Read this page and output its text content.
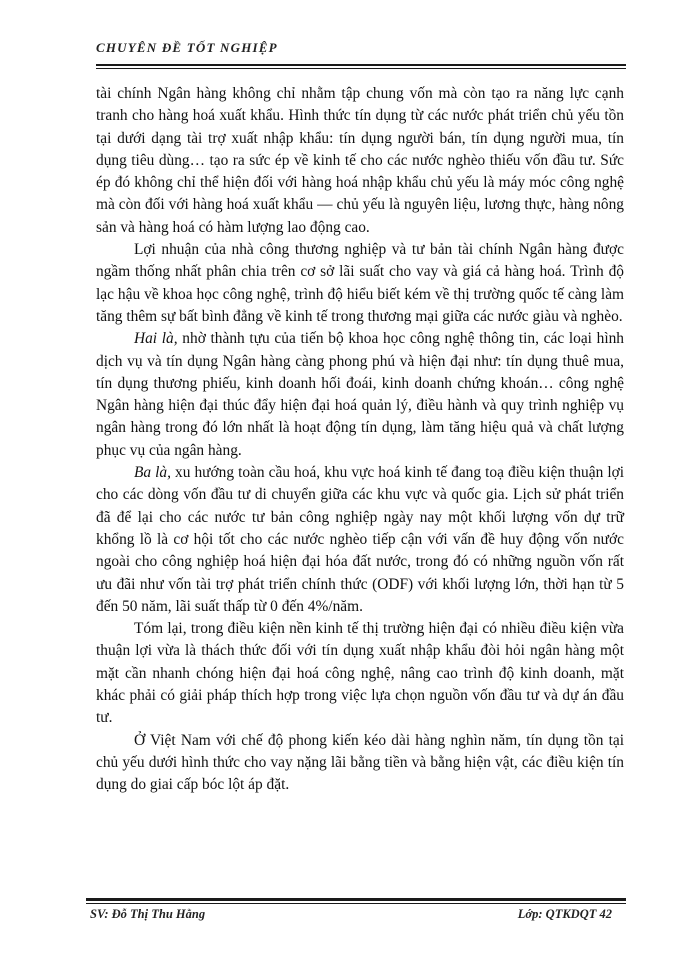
CHUYÊN ĐỀ TỐT NGHIỆP

tài chính Ngân hàng không chỉ nhằm tập chung vốn mà còn tạo ra năng lực cạnh tranh cho hàng hoá xuất khẩu. Hình thức tín dụng từ các nước phát triển chủ yếu tồn tại dưới dạng tài trợ xuất nhập khẩu: tín dụng người bán, tín dụng người mua, tín dụng tiêu dùng… tạo ra sức ép về kinh tế cho các nước nghèo thiếu vốn đầu tư. Sức ép đó không chỉ thể hiện đối với hàng hoá nhập khẩu chủ yếu là máy móc công nghệ mà còn đối với hàng hoá xuất khẩu — chủ yếu là nguyên liệu, lương thực, hàng nông sản và hàng hoá có hàm lượng lao động cao.

Lợi nhuận của nhà công thương nghiệp và tư bản tài chính Ngân hàng được ngầm thống nhất phân chia trên cơ sở lãi suất cho vay và giá cả hàng hoá. Trình độ lạc hậu về khoa học công nghệ, trình độ hiểu biết kém về thị trường quốc tế càng làm tăng thêm sự bất bình đẳng về kinh tế trong thương mại giữa các nước giàu và nghèo.

Hai là, nhờ thành tựu của tiến bộ khoa học công nghệ thông tin, các loại hình dịch vụ và tín dụng Ngân hàng càng phong phú và hiện đại như: tín dụng thuê mua, tín dụng thương phiếu, kinh doanh hối đoái, kinh doanh chứng khoán… công nghệ Ngân hàng hiện đại thúc đẩy hiện đại hoá quản lý, điều hành và quy trình nghiệp vụ ngân hàng trong đó lớn nhất là hoạt động tín dụng, làm tăng hiệu quả và chất lượng phục vụ của ngân hàng.

Ba là, xu hướng toàn cầu hoá, khu vực hoá kinh tế đang toạ điều kiện thuận lợi cho các dòng vốn đầu tư di chuyển giữa các khu vực và quốc gia. Lịch sử phát triển đã để lại cho các nước tư bản công nghiệp ngày nay một khối lượng vốn dự trữ khổng lồ là cơ hội tốt cho các nước nghèo tiếp cận với vấn đề huy động vốn nước ngoài cho công nghiệp hoá hiện đại hóa đất nước, trong đó có những nguồn vốn rất ưu đãi như vốn tài trợ phát triển chính thức (ODF) với khối lượng lớn, thời hạn từ 5 đến 50 năm, lãi suất thấp từ 0 đến 4%/năm.

Tóm lại, trong điều kiện nền kinh tế thị trường hiện đại có nhiều điều kiện vừa thuận lợi vừa là thách thức đối với tín dụng xuất nhập khẩu đòi hỏi ngân hàng một mặt cần nhanh chóng hiện đại hoá công nghệ, nâng cao trình độ kinh doanh, mặt khác phải có giải pháp thích hợp trong việc lựa chọn nguồn vốn đầu tư và dự án đầu tư.

Ở Việt Nam với chế độ phong kiến kéo dài hàng nghìn năm, tín dụng tồn tại chủ yếu dưới hình thức cho vay nặng lãi bằng tiền và bằng hiện vật, các điều kiện tín dụng do giai cấp bóc lột áp đặt.

SV: Đỗ Thị Thu Hằng	Lớp: QTKDQT 42
